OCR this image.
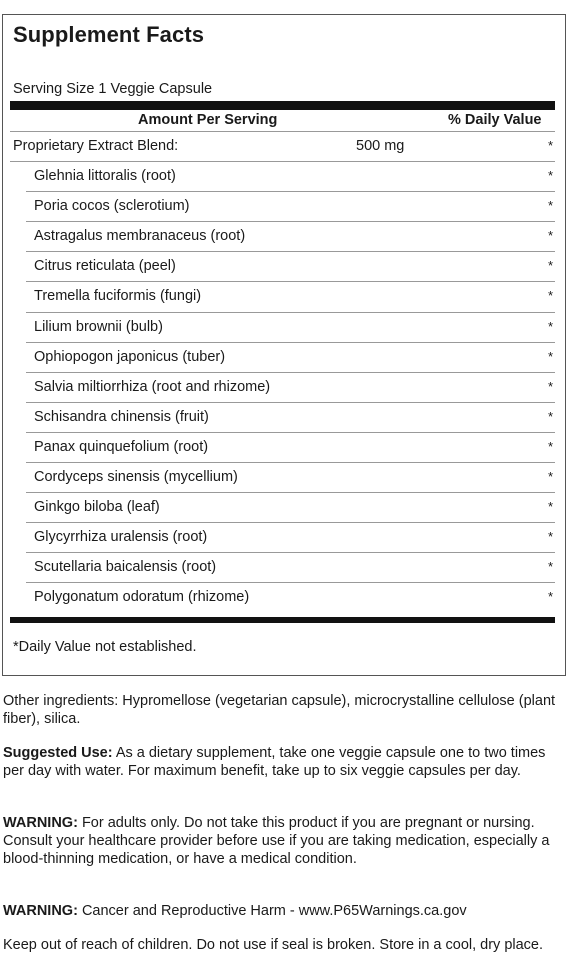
Supplement Facts
Serving Size 1 Veggie Capsule
Amount Per Serving	% Daily Value
Proprietary Extract Blend:	500 mg	*
Glehnia littoralis (root)	*
Poria cocos (sclerotium)	*
Astragalus membranaceus (root)	*
Citrus reticulata (peel)	*
Tremella fuciformis (fungi)	*
Lilium brownii (bulb)	*
Ophiopogon japonicus (tuber)	*
Salvia miltiorrhiza (root and rhizome)	*
Schisandra chinensis (fruit)	*
Panax quinquefolium (root)	*
Cordyceps sinensis (mycellium)	*
Ginkgo biloba (leaf)	*
Glycyrrhiza uralensis (root)	*
Scutellaria baicalensis (root)	*
Polygonatum odoratum (rhizome)	*
*Daily Value not established.
Other ingredients: Hypromellose (vegetarian capsule), microcrystalline cellulose (plant fiber), silica.
Suggested Use: As a dietary supplement, take one veggie capsule one to two times per day with water. For maximum benefit, take up to six veggie capsules per day.
WARNING: For adults only. Do not take this product if you are pregnant or nursing. Consult your healthcare provider before use if you are taking medication, especially a blood-thinning medication, or have a medical condition.
WARNING: Cancer and Reproductive Harm - www.P65Warnings.ca.gov
Keep out of reach of children. Do not use if seal is broken. Store in a cool, dry place.
